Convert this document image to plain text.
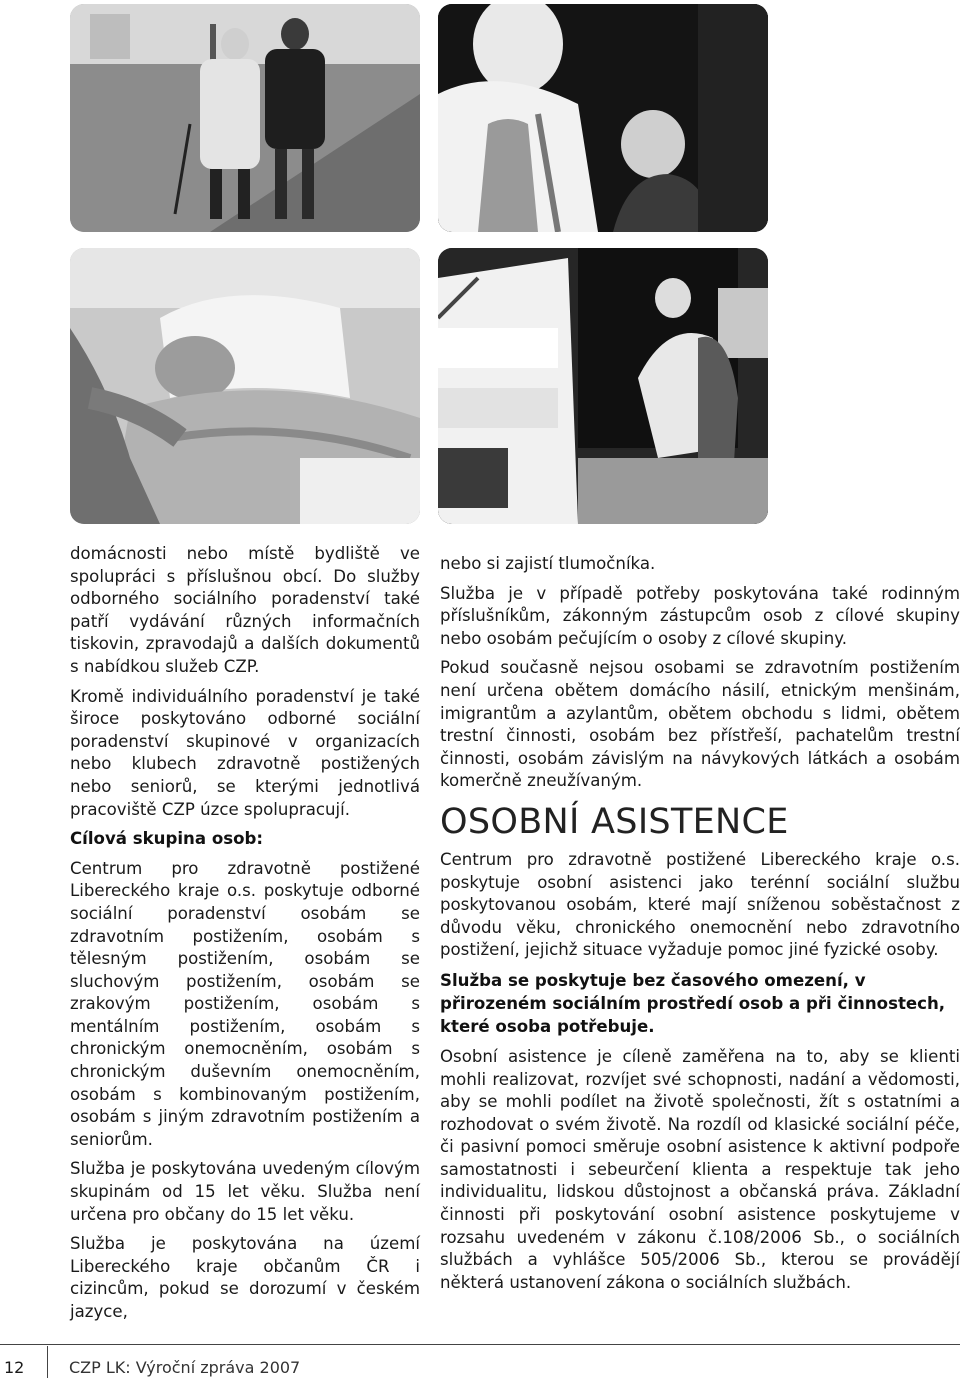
domácnosti nebo místě bydliště ve spolupráci s příslušnou obcí. Do služby odborného sociálního poradenství také patří vydávání různých informačních tiskovin, zpravodajů a dalších dokumentů s nabídkou služeb CZP.

Kromě individuálního poradenství je také široce poskytováno odborné sociální poradenství skupinové v organizacích nebo klubech zdravotně postižených nebo seniorů, se kterými jednotlivá pracoviště CZP úzce spolupracují.

Cílová skupina osob:

Centrum pro zdravotně postižené Libereckého kraje o.s. poskytuje odborné sociální poradenství osobám se zdravotním postižením, osobám s tělesným postižením, osobám se sluchovým postižením, osobám se zrakovým postižením, osobám s mentálním postižením, osobám s chronickým onemocněním, osobám s chronickým duševním onemocněním, osobám s kombinovaným postižením, osobám s jiným zdravotním postižením a seniorům.

Služba je poskytována uvedeným cílovým skupinám od 15 let věku. Služba není určena pro občany do 15 let věku.

Služba je poskytována na území Libereckého kraje občanům ČR i cizincům, pokud se dorozumí v českém jazyce,

nebo si zajistí tlumočníka.

Služba je v případě potřeby poskytována také rodinným příslušníkům, zákonným zástupcům osob z cílové skupiny nebo osobám pečujícím o osoby z cílové skupiny.

Pokud současně nejsou osobami se zdravotním postižením není určena obětem domácího násilí, etnickým menšinám, imigrantům a azylantům, obětem obchodu s lidmi, obětem trestní činnosti, osobám bez přístřeší, pachatelům trestní činnosti, osobám závislým na návykových látkách a osobám komerčně zneužívaným.

OSOBNÍ ASISTENCE

Centrum pro zdravotně postižené Libereckého kraje o.s. poskytuje osobní asistenci jako terénní sociální službu poskytovanou osobám, které mají sníženou soběstačnost z důvodu věku, chronického onemocnění nebo zdravotního postižení, jejichž situace vyžaduje pomoc jiné fyzické osoby.

Služba se poskytuje bez časového omezení, v přirozeném sociálním prostředí osob a při činnostech, které osoba potřebuje.

Osobní asistence je cíleně zaměřena na to, aby se klienti mohli realizovat, rozvíjet své schopnosti, nadání a vědomosti, aby se mohli podílet na životě společnosti, žít s ostatními a rozhodovat o svém životě. Na rozdíl od klasické sociální péče, či pasivní pomoci směruje osobní asistence k aktivní podpoře samostatnosti i sebeurčení klienta a respektuje tak jeho individualitu, lidskou důstojnost a občanská práva. Základní činnosti při poskytování osobní asistence poskytujeme v rozsahu uvedeném v zákonu č.108/2006 Sb., o sociálních službách a vyhlášce 505/2006 Sb., kterou se provádějí některá ustanovení zákona o sociálních službách.

12	CZP LK: Výroční zpráva 2007
